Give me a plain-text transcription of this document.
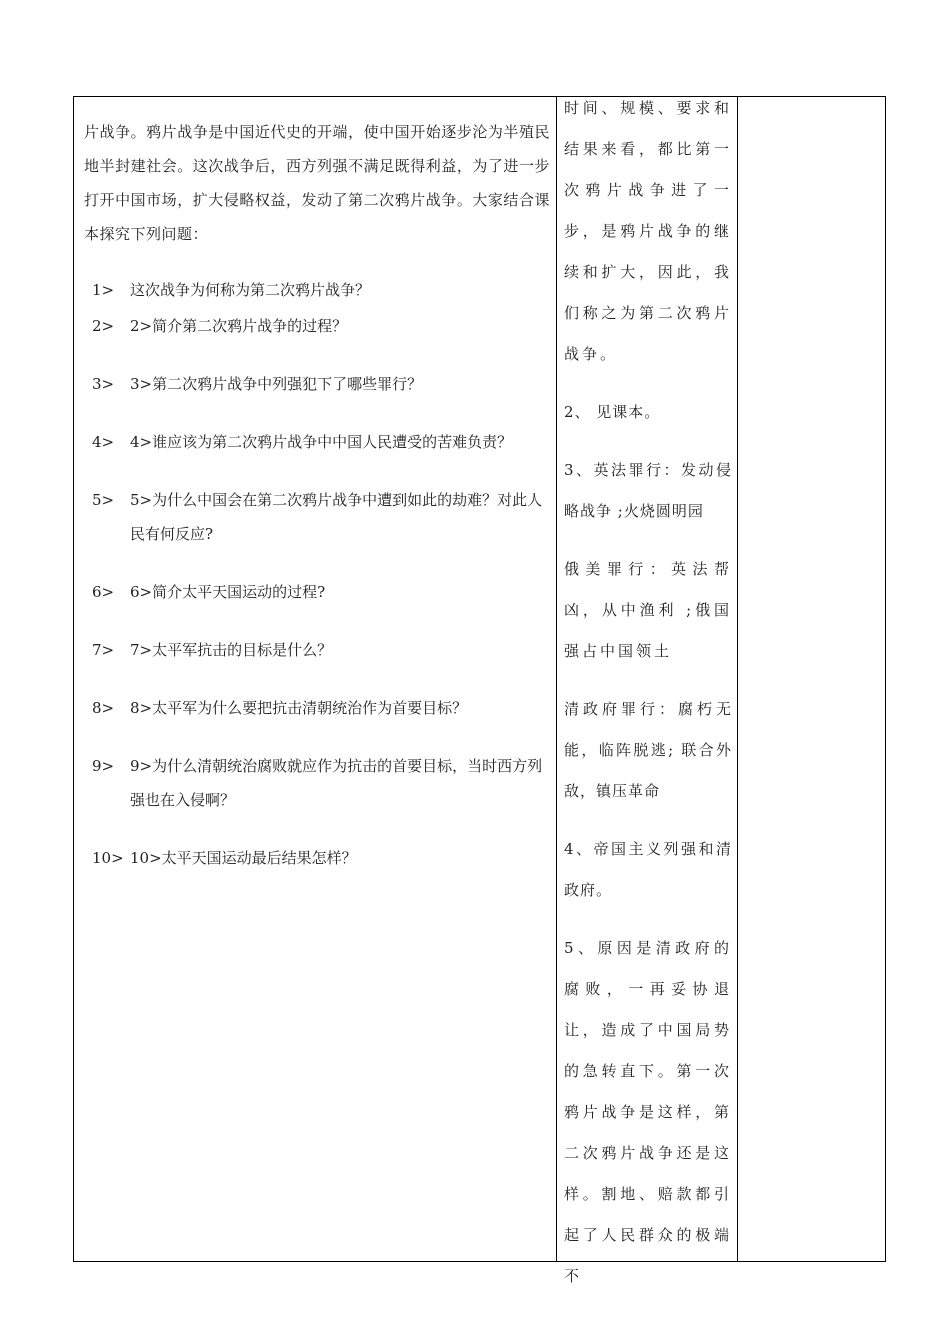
片战争。鸦片战争是中国近代史的开端，使中国开始逐步沦为半殖民地半封建社会。这次战争后，西方列强不满足既得利益，为了进一步打开中国市场，扩大侵略权益，发动了第二次鸦片战争。大家结合课本探究下列问题：

1> 这次战争为何称为第二次鸦片战争？
2> 2>简介第二次鸦片战争的过程？
3> 3>第二次鸦片战争中列强犯下了哪些罪行？
4> 4>谁应该为第二次鸦片战争中中国人民遭受的苦难负责？
5> 5>为什么中国会在第二次鸦片战争中遭到如此的劫难？对此人民有何反应?
6> 6>简介太平天国运动的过程?
7> 7>太平军抗击的目标是什么？
8> 8>太平军为什么要把抗击清朝统治作为首要目标？
9> 9>为什么清朝统治腐败就应作为抗击的首要目标，当时西方列强也在入侵啊？
10> 10>太平天国运动最后结果怎样？
时间、规模、要求和结果来看，都比第一次鸦片战争进了一步，是鸦片战争的继续和扩大，因此，我们称之为第二次鸦片战争。
2、 见课本。
3、英法罪行：发动侵略战争 ;火烧圆明园
俄美罪行：英法帮凶，从中渔利 ;俄国强占中国领土
清政府罪行：腐朽无能，临阵脱逃; 联合外敌，镇压革命
4、帝国主义列强和清政府。
5、原因是清政府的腐败，一再妥协退让，造成了中国局势的急转直下。第一次鸦片战争是这样，第二次鸦片战争还是这样。割地、赔款都引起了人民群众的极端不
